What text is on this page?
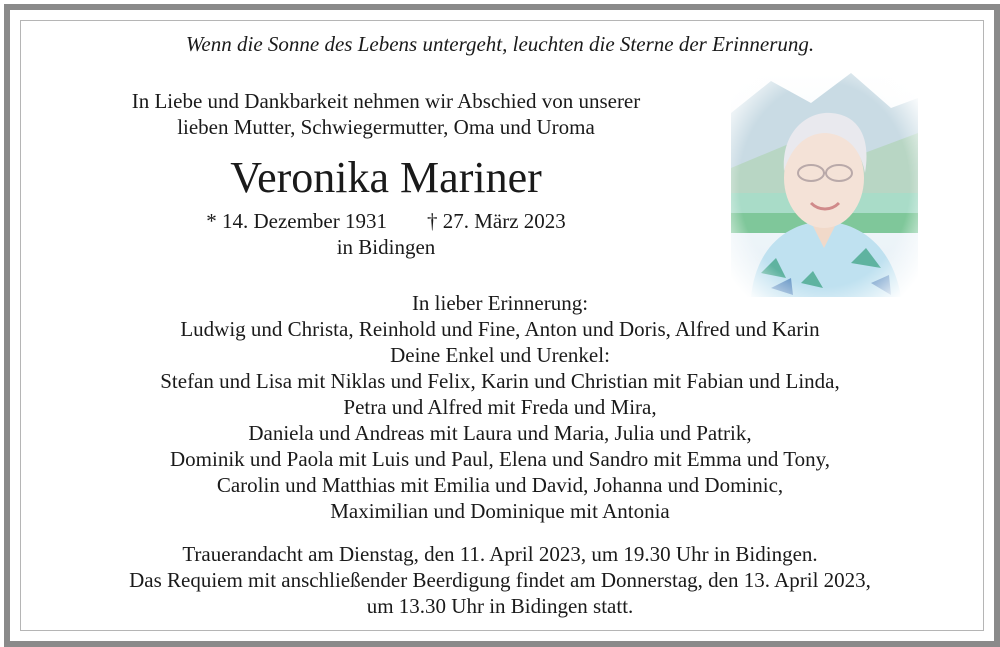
Wenn die Sonne des Lebens untergeht, leuchten die Sterne der Erinnerung.
In Liebe und Dankbarkeit nehmen wir Abschied von unserer
lieben Mutter, Schwiegermutter, Oma und Uroma
Veronika Mariner
* 14. Dezember 1931 † 27. März 2023
in Bidingen
In lieber Erinnerung:
Ludwig und Christa, Reinhold und Fine, Anton und Doris, Alfred und Karin
Deine Enkel und Urenkel:
Stefan und Lisa mit Niklas und Felix, Karin und Christian mit Fabian und Linda,
Petra und Alfred mit Freda und Mira,
Daniela und Andreas mit Laura und Maria, Julia und Patrik,
Dominik und Paola mit Luis und Paul, Elena und Sandro mit Emma und Tony,
Carolin und Matthias mit Emilia und David, Johanna und Dominic,
Maximilian und Dominique mit Antonia
Trauerandacht am Dienstag, den 11. April 2023, um 19.30 Uhr in Bidingen.
Das Requiem mit anschließender Beerdigung findet am Donnerstag, den 13. April 2023,
um 13.30 Uhr in Bidingen statt.
